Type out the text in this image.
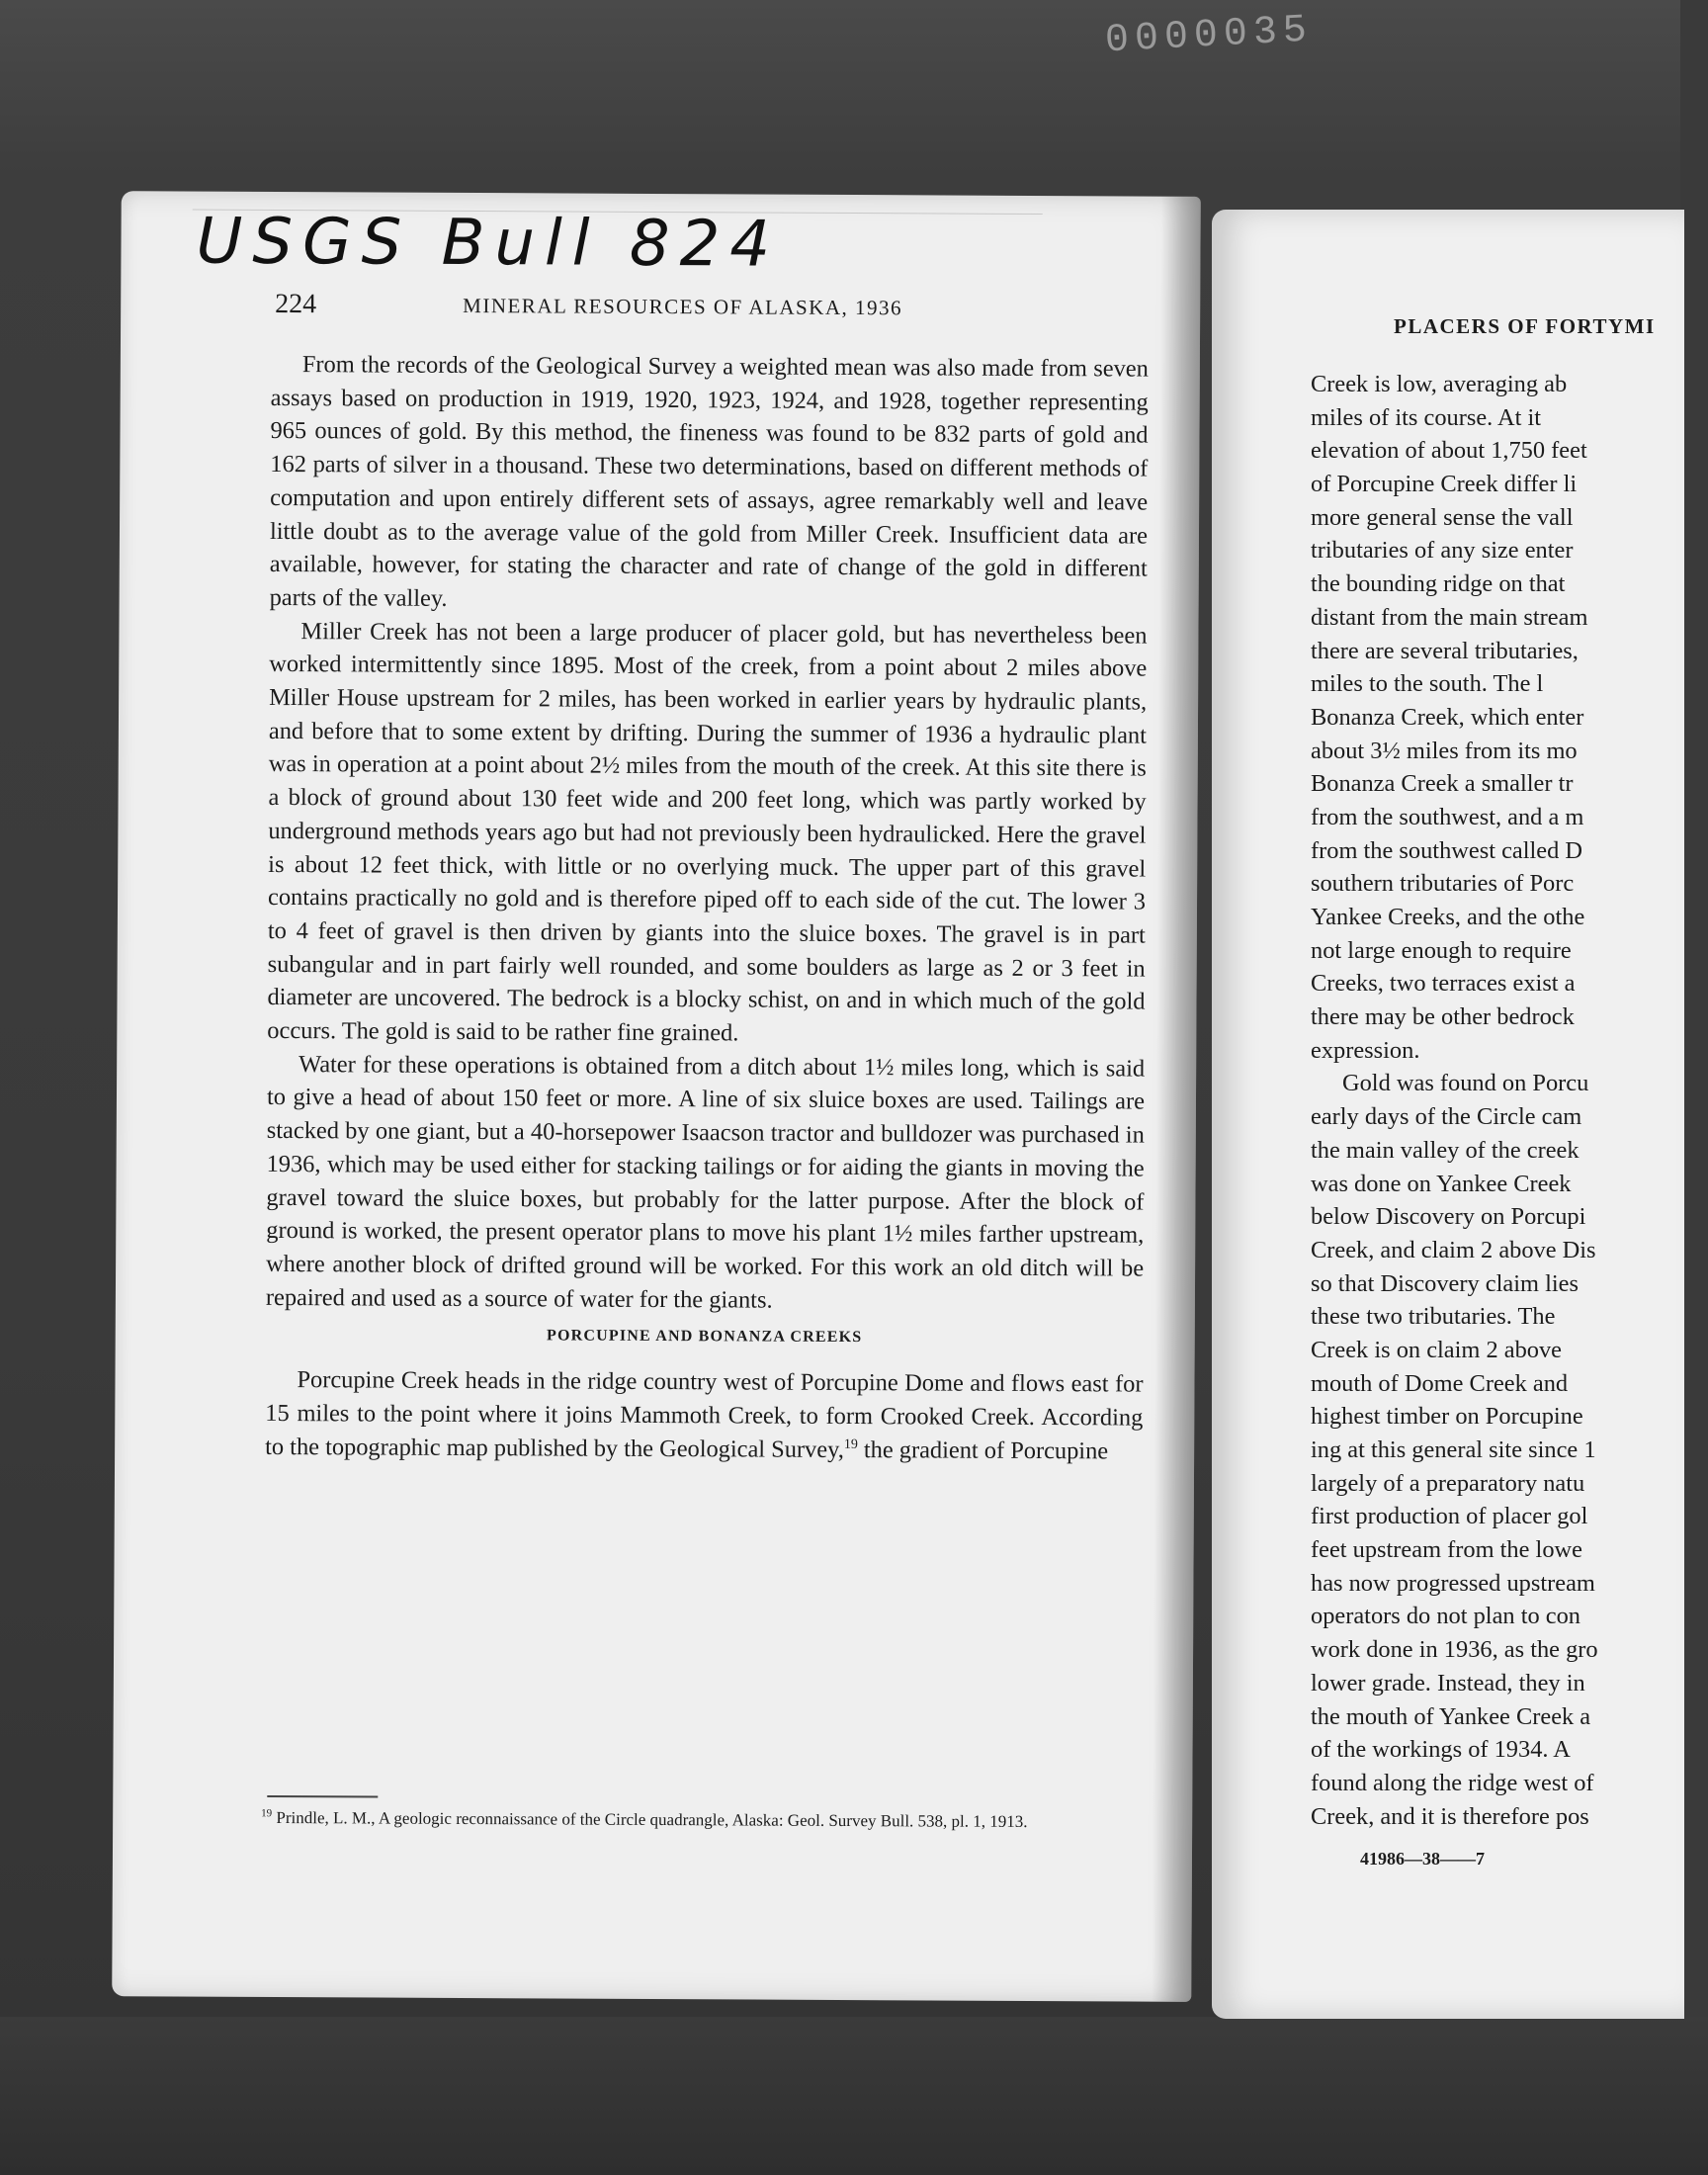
0000035
USGS Bull 824
224	MINERAL RESOURCES OF ALASKA, 1936

From the records of the Geological Survey a weighted mean was also made from seven assays based on production in 1919, 1920, 1923, 1924, and 1928, together representing 965 ounces of gold. By this method, the fineness was found to be 832 parts of gold and 162 parts of silver in a thousand. These two determinations, based on different methods of computation and upon entirely different sets of assays, agree remarkably well and leave little doubt as to the average value of the gold from Miller Creek. Insufficient data are available, however, for stating the character and rate of change of the gold in different parts of the valley.

Miller Creek has not been a large producer of placer gold, but has nevertheless been worked intermittently since 1895. Most of the creek, from a point about 2 miles above Miller House upstream for 2 miles, has been worked in earlier years by hydraulic plants, and before that to some extent by drifting. During the summer of 1936 a hydraulic plant was in operation at a point about 2½ miles from the mouth of the creek. At this site there is a block of ground about 130 feet wide and 200 feet long, which was partly worked by underground methods years ago but had not previously been hydraulicked. Here the gravel is about 12 feet thick, with little or no overlying muck. The upper part of this gravel contains practically no gold and is therefore piped off to each side of the cut. The lower 3 to 4 feet of gravel is then driven by giants into the sluice boxes. The gravel is in part subangular and in part fairly well rounded, and some boulders as large as 2 or 3 feet in diameter are uncovered. The bedrock is a blocky schist, on and in which much of the gold occurs. The gold is said to be rather fine grained.

Water for these operations is obtained from a ditch about 1½ miles long, which is said to give a head of about 150 feet or more. A line of six sluice boxes are used. Tailings are stacked by one giant, but a 40-horsepower Isaacson tractor and bulldozer was purchased in 1936, which may be used either for stacking tailings or for aiding the giants in moving the gravel toward the sluice boxes, but probably for the latter purpose. After the block of ground is worked, the present operator plans to move his plant 1½ miles farther upstream, where another block of drifted ground will be worked. For this work an old ditch will be repaired and used as a source of water for the giants.

PORCUPINE AND BONANZA CREEKS

Porcupine Creek heads in the ridge country west of Porcupine Dome and flows east for 15 miles to the point where it joins Mammoth Creek, to form Crooked Creek. According to the topographic map published by the Geological Survey,$^{19}$ the gradient of Porcupine

$^{19}$ Prindle, L. M., A geologic reconnaissance of the Circle quadrangle, Alaska: Geol. Survey Bull. 538, pl. 1, 1913.
PLACERS OF FORTYMI
Creek is low, averaging ab
miles of its course. At it
elevation of about 1,750 feet
of Porcupine Creek differ li
more general sense the vall
tributaries of any size enter
the bounding ridge on that
distant from the main stream
there are several tributaries,
miles to the south. The l
Bonanza Creek, which enter
about 3½ miles from its mo
Bonanza Creek a smaller tr
from the southwest, and a m
from the southwest called D
southern tributaries of Porc
Yankee Creeks, and the othe
not large enough to require
Creeks, two terraces exist a
there may be other bedrock
expression.
Gold was found on Porcu
early days of the Circle cam
the main valley of the creek
was done on Yankee Creek
below Discovery on Porcupi
Creek, and claim 2 above Dis
so that Discovery claim lies
these two tributaries. The
Creek is on claim 2 above
mouth of Dome Creek and
highest timber on Porcupine
ing at this general site since 1
largely of a preparatory natu
first production of placer gol
feet upstream from the lowe
has now progressed upstream
operators do not plan to con
work done in 1936, as the gro
lower grade. Instead, they in
the mouth of Yankee Creek a
of the workings of 1934. A
found along the ridge west of
Creek, and it is therefore pos
41986—38——7
